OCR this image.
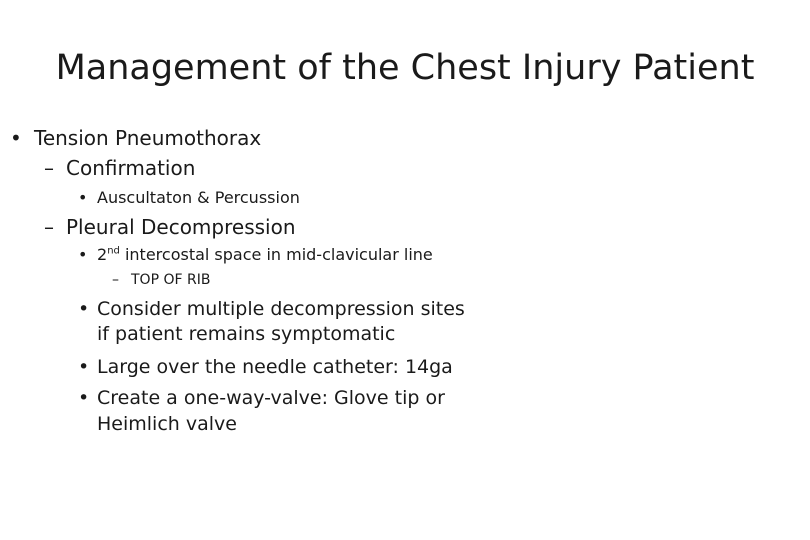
Management of the Chest Injury Patient
• Tension Pneumothorax

– Confirmation

• Auscultaton & Percussion

– Pleural Decompression

• 2nd intercostal space in mid-clavicular line

– TOP OF RIB

• Consider multiple decompression sites

if patient remains symptomatic

• Large over the needle catheter: 14ga

• Create a one-way-valve: Glove tip or

Heimlich valve
